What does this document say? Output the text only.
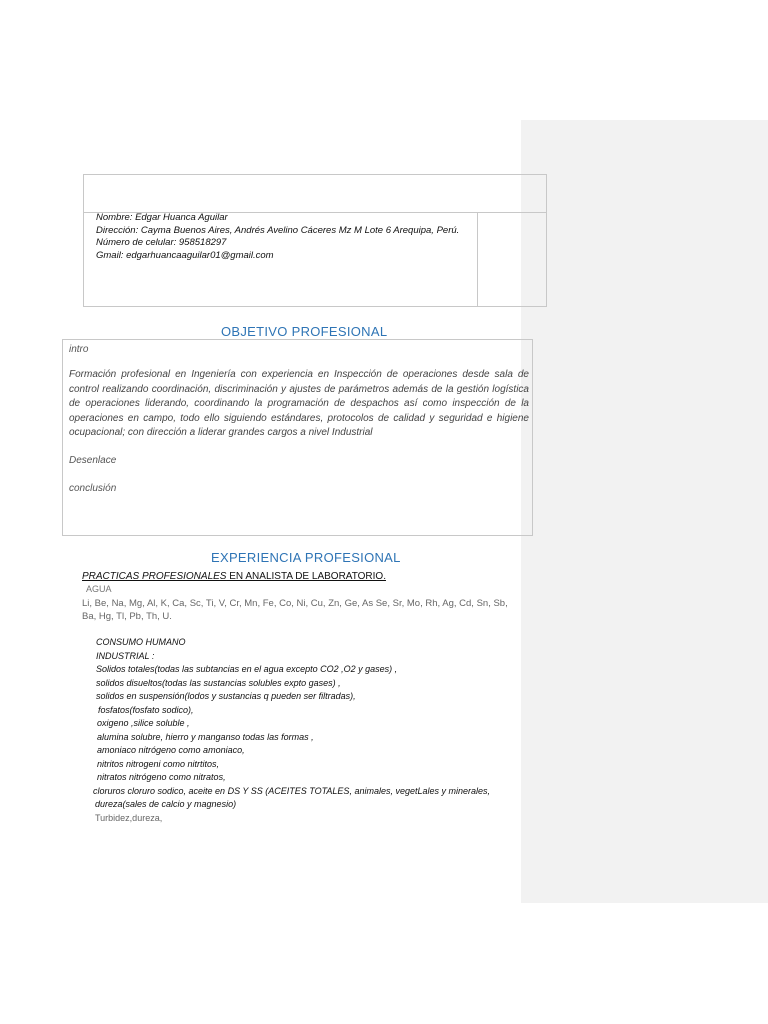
Nombre: Edgar Huanca Aguilar
Dirección: Cayma Buenos Aires, Andrés Avelino Cáceres Mz M Lote 6 Arequipa, Perú.
Número de celular: 958518297
Gmail: edgarhuancaaguilar01@gmail.com
OBJETIVO PROFESIONAL
intro
Formación profesional en Ingeniería con experiencia en Inspección de operaciones desde sala de control realizando coordinación, discriminación y ajustes de parámetros además de la gestión logística de operaciones liderando, coordinando la programación de despachos así como inspección de la operaciones en campo, todo ello siguiendo estándares, protocolos de calidad y seguridad e higiene ocupacional; con dirección a liderar grandes cargos a nivel Industrial
Desenlace
conclusión
EXPERIENCIA PROFESIONAL
PRACTICAS PROFESIONALES EN ANALISTA DE LABORATORIO.
AGUA
Li, Be, Na, Mg, Al, K, Ca, Sc, Ti, V, Cr, Mn, Fe, Co, Ni, Cu, Zn, Ge, As Se, Sr, Mo, Rh, Ag, Cd, Sn, Sb, Ba, Hg, Tl, Pb, Th, U.
CONSUMO HUMANO
INDUSTRIAL :
Solidos totales(todas las subtancias en el agua excepto CO2 ,O2 y gases) ,
solidos disueltos(todas las sustancias solubles expto gases) ,
solidos en suspensión(lodos y sustancias q pueden ser filtradas),
fosfatos(fosfato sodico),
oxigeno ,silice soluble ,
alumina solubre, hierro y manganso todas las formas ,
amoniaco nitrógeno como amoniaco,
nitritos nitrogeni como nitrtitos,
nitratos nitrógeno como nitratos,
cloruros cloruro sodico, aceite en DS Y SS (ACEITES TOTALES, animales, vegetLales y minerales,
dureza(sales de calcio y magnesio)
Turbidez,dureza,
